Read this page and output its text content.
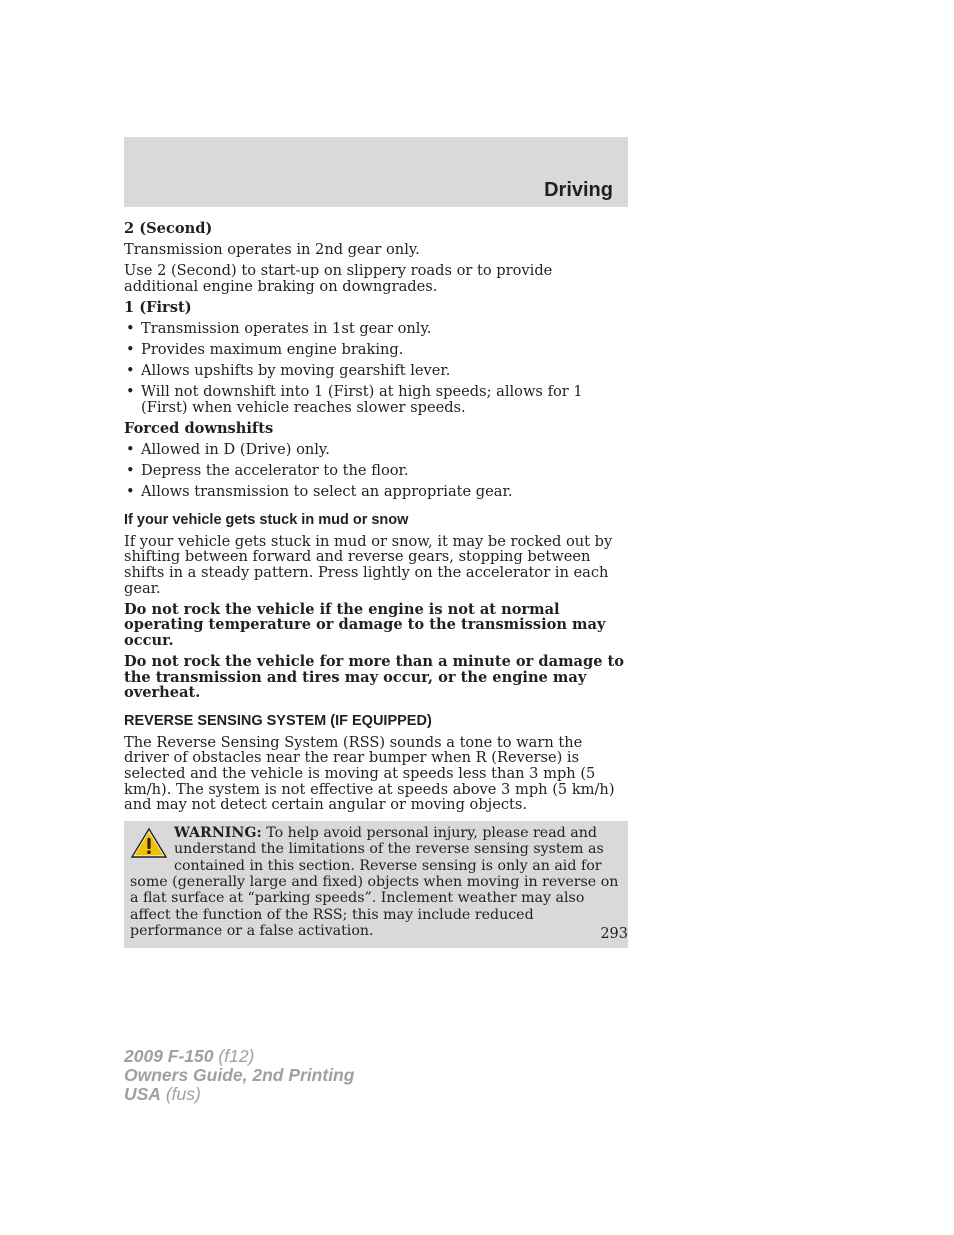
Driving

2 (Second)

Transmission operates in 2nd gear only.

Use 2 (Second) to start-up on slippery roads or to provide additional engine braking on downgrades.

1 (First)

• Transmission operates in 1st gear only.
• Provides maximum engine braking.
• Allows upshifts by moving gearshift lever.
• Will not downshift into 1 (First) at high speeds; allows for 1 (First) when vehicle reaches slower speeds.

Forced downshifts

• Allowed in D (Drive) only.
• Depress the accelerator to the floor.
• Allows transmission to select an appropriate gear.
If your vehicle gets stuck in mud or snow

If your vehicle gets stuck in mud or snow, it may be rocked out by shifting between forward and reverse gears, stopping between shifts in a steady pattern. Press lightly on the accelerator in each gear.

Do not rock the vehicle if the engine is not at normal operating temperature or damage to the transmission may occur.

Do not rock the vehicle for more than a minute or damage to the transmission and tires may occur, or the engine may overheat.

REVERSE SENSING SYSTEM (IF EQUIPPED)

The Reverse Sensing System (RSS) sounds a tone to warn the driver of obstacles near the rear bumper when R (Reverse) is selected and the vehicle is moving at speeds less than 3 mph (5 km/h). The system is not effective at speeds above 3 mph (5 km/h) and may not detect certain angular or moving objects.

WARNING: To help avoid personal injury, please read and understand the limitations of the reverse sensing system as contained in this section. Reverse sensing is only an aid for some (generally large and fixed) objects when moving in reverse on a flat surface at “parking speeds”. Inclement weather may also affect the function of the RSS; this may include reduced performance or a false activation.	293
2009 F-150 (f12)
Owners Guide, 2nd Printing
USA (fus)
